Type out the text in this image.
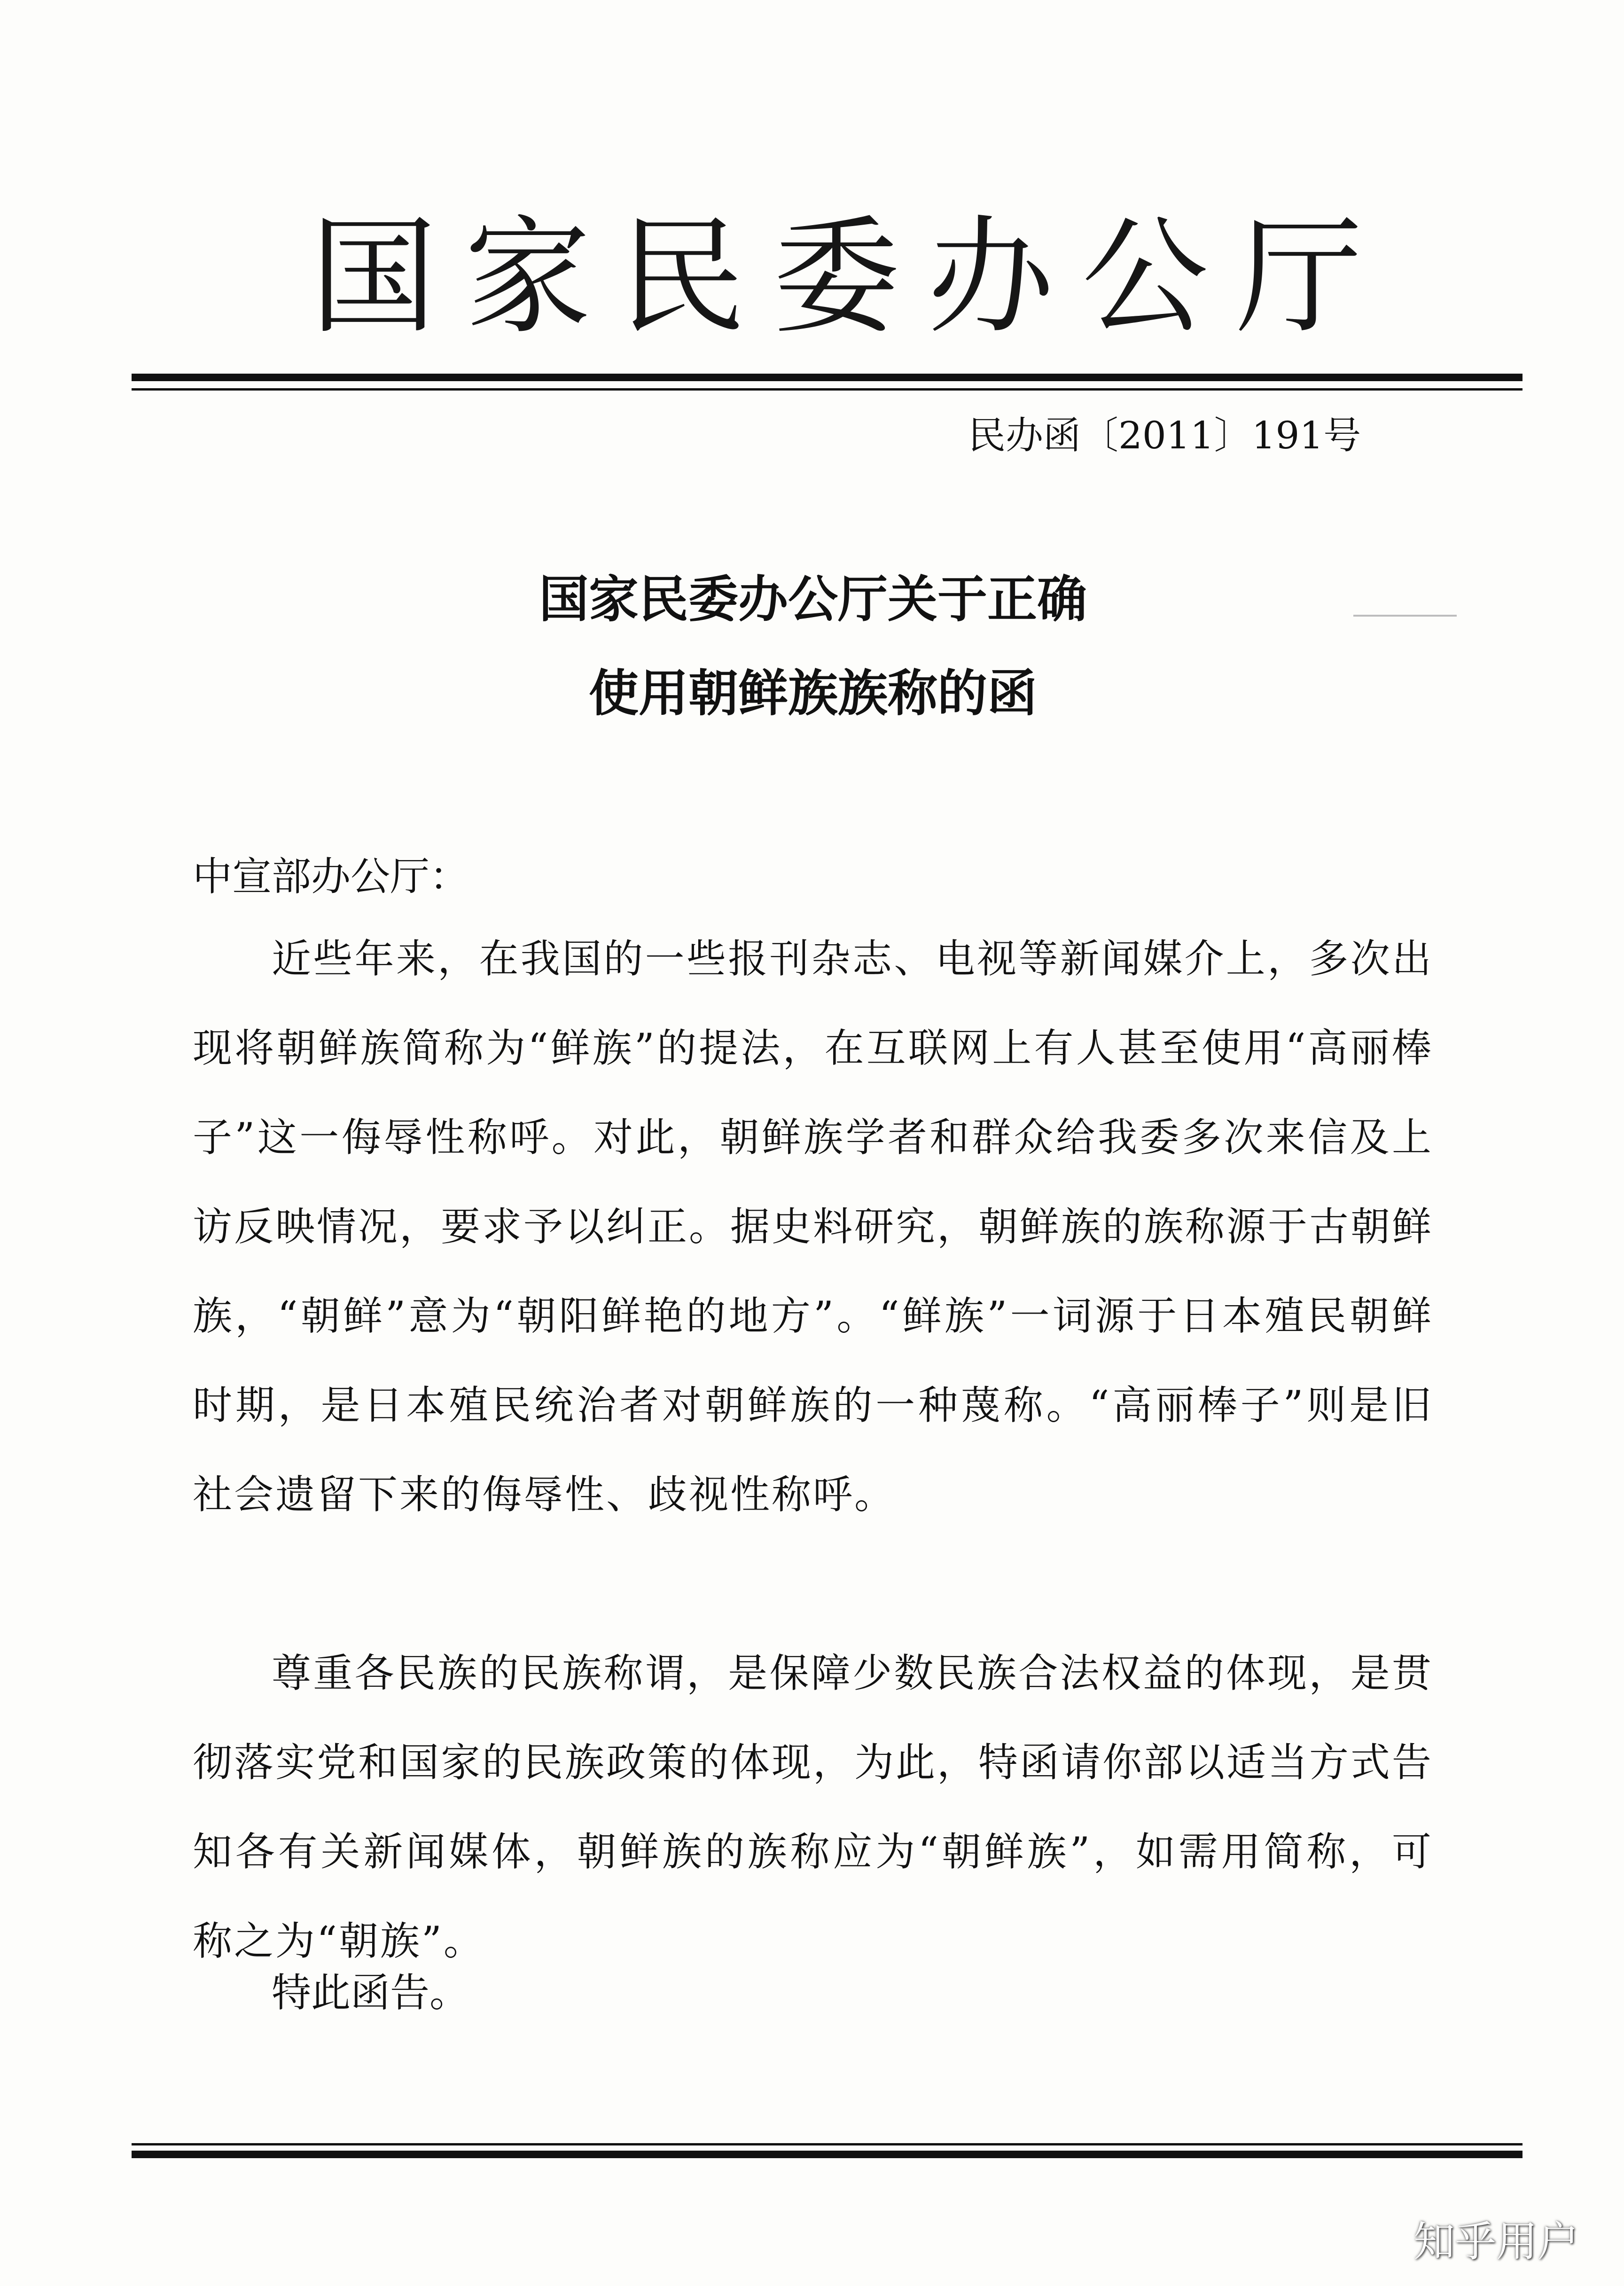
国 家 民 委 办 公 厅
民办函〔2011〕191号
国家民委办公厅关于正确
使用朝鲜族族称的函
中宣部办公厅：
近些年来，在我国的一些报刊杂志、电视等新闻媒介上，多次出现将朝鲜族简称为“鲜族”的提法，在互联网上有人甚至使用“高丽棒子”这一侮辱性称呼。对此，朝鲜族学者和群众给我委多次来信及上访反映情况，要求予以纠正。据史料研究，朝鲜族的族称源于古朝鲜族，“朝鲜”意为“朝阳鲜艳的地方”。“鲜族”一词源于日本殖民朝鲜时期，是日本殖民统治者对朝鲜族的一种蔑称。“高丽棒子”则是旧社会遗留下来的侮辱性、歧视性称呼。
尊重各民族的民族称谓，是保障少数民族合法权益的体现，是贯彻落实党和国家的民族政策的体现，为此，特函请你部以适当方式告知各有关新闻媒体，朝鲜族的族称应为“朝鲜族”，如需用简称，可称之为“朝族”。
特此函告。
知乎用户
